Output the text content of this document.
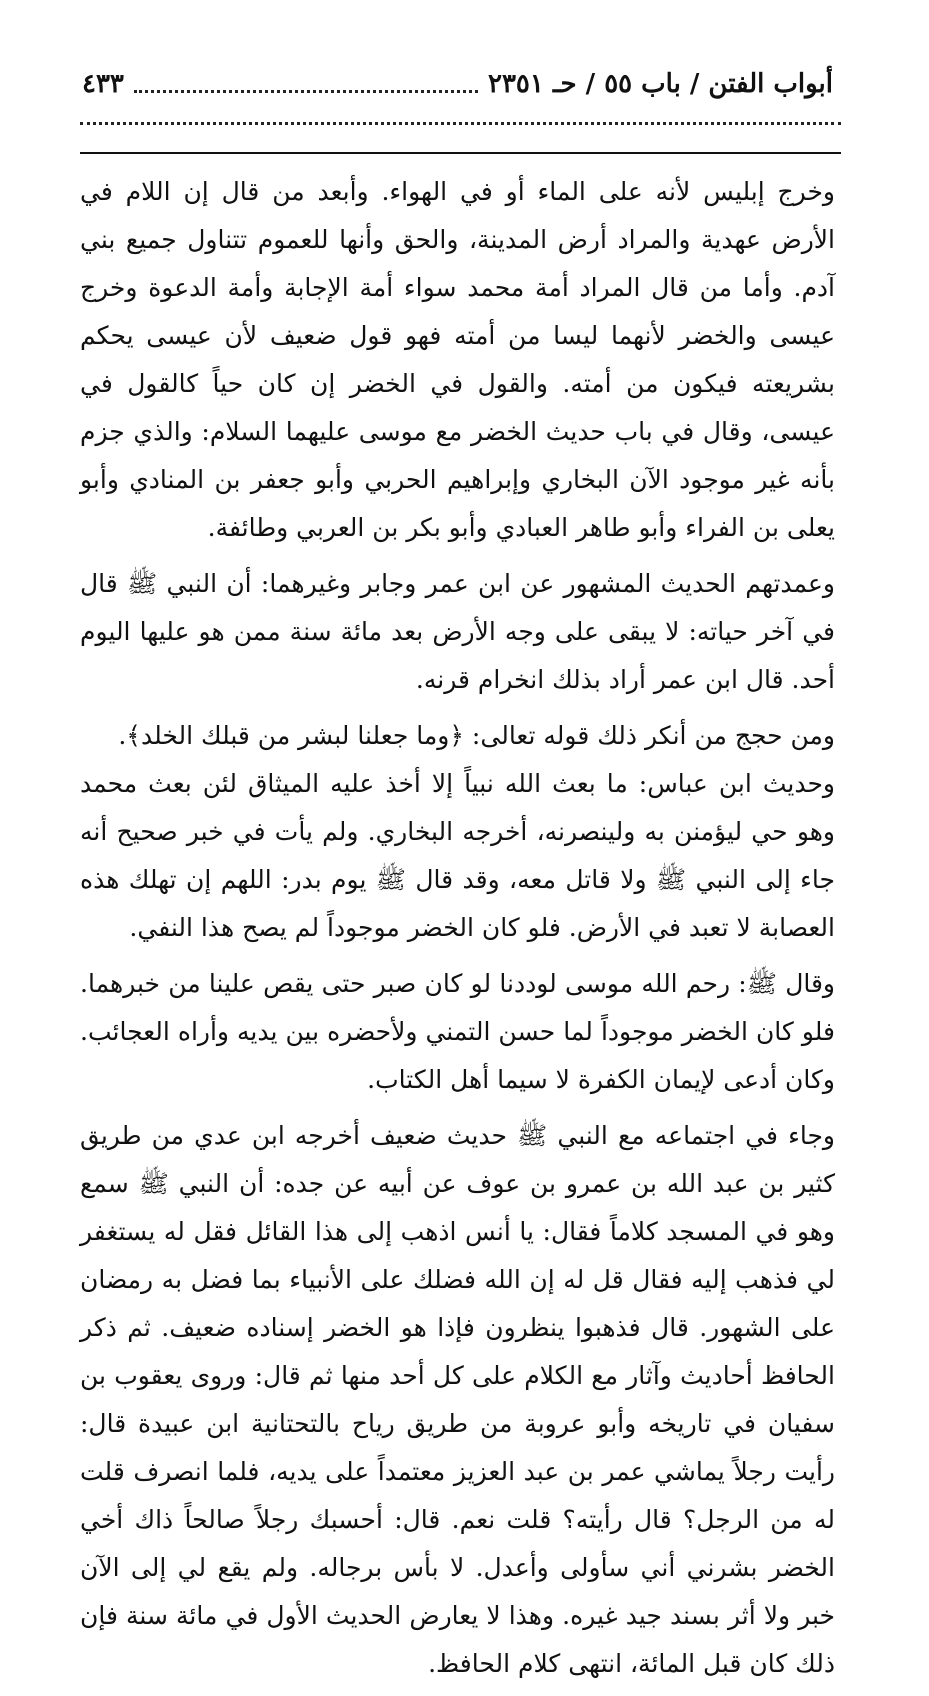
أبواب الفتن / باب ٥٥ / حـ ٢٣٥١
٤٣٣

وخرج إبليس لأنه على الماء أو في الهواء. وأبعد من قال إن اللام في الأرض عهدية والمراد أرض المدينة، والحق وأنها للعموم تتناول جميع بني آدم. وأما من قال المراد أمة محمد سواء أمة الإجابة وأمة الدعوة وخرج عيسى والخضر لأنهما ليسا من أمته فهو قول ضعيف لأن عيسى يحكم بشريعته فيكون من أمته. والقول في الخضر إن كان حياً كالقول في عيسى، وقال في باب حديث الخضر مع موسى عليهما السلام: والذي جزم بأنه غير موجود الآن البخاري وإبراهيم الحربي وأبو جعفر بن المنادي وأبو يعلى بن الفراء وأبو طاهر العبادي وأبو بكر بن العربي وطائفة.

وعمدتهم الحديث المشهور عن ابن عمر وجابر وغيرهما: أن النبي ﷺ قال في آخر حياته: لا يبقى على وجه الأرض بعد مائة سنة ممن هو عليها اليوم أحد. قال ابن عمر أراد بذلك انخرام قرنه.

ومن حجج من أنكر ذلك قوله تعالى: ﴿وما جعلنا لبشر من قبلك الخلد﴾.

وحديث ابن عباس: ما بعث الله نبياً إلا أخذ عليه الميثاق لئن بعث محمد وهو حي ليؤمنن به ولينصرنه، أخرجه البخاري. ولم يأت في خبر صحيح أنه جاء إلى النبي ﷺ ولا قاتل معه، وقد قال ﷺ يوم بدر: اللهم إن تهلك هذه العصابة لا تعبد في الأرض. فلو كان الخضر موجوداً لم يصح هذا النفي.

وقال ﷺ: رحم الله موسى لوددنا لو كان صبر حتى يقص علينا من خبرهما. فلو كان الخضر موجوداً لما حسن التمني ولأحضره بين يديه وأراه العجائب. وكان أدعى لإيمان الكفرة لا سيما أهل الكتاب.

وجاء في اجتماعه مع النبي ﷺ حديث ضعيف أخرجه ابن عدي من طريق كثير بن عبد الله بن عمرو بن عوف عن أبيه عن جده: أن النبي ﷺ سمع وهو في المسجد كلاماً فقال: يا أنس اذهب إلى هذا القائل فقل له يستغفر لي فذهب إليه فقال قل له إن الله فضلك على الأنبياء بما فضل به رمضان على الشهور. قال فذهبوا ينظرون فإذا هو الخضر إسناده ضعيف. ثم ذكر الحافظ أحاديث وآثار مع الكلام على كل أحد منها ثم قال: وروى يعقوب بن سفيان في تاريخه وأبو عروبة من طريق رياح بالتحتانية ابن عبيدة قال: رأيت رجلاً يماشي عمر بن عبد العزيز معتمداً على يديه، فلما انصرف قلت له من الرجل؟ قال رأيته؟ قلت نعم. قال: أحسبك رجلاً صالحاً ذاك أخي الخضر بشرني أني سأولى وأعدل. لا بأس برجاله. ولم يقع لي إلى الآن خبر ولا أثر بسند جيد غيره. وهذا لا يعارض الحديث الأول في مائة سنة فإن ذلك كان قبل المائة، انتهى كلام الحافظ.
